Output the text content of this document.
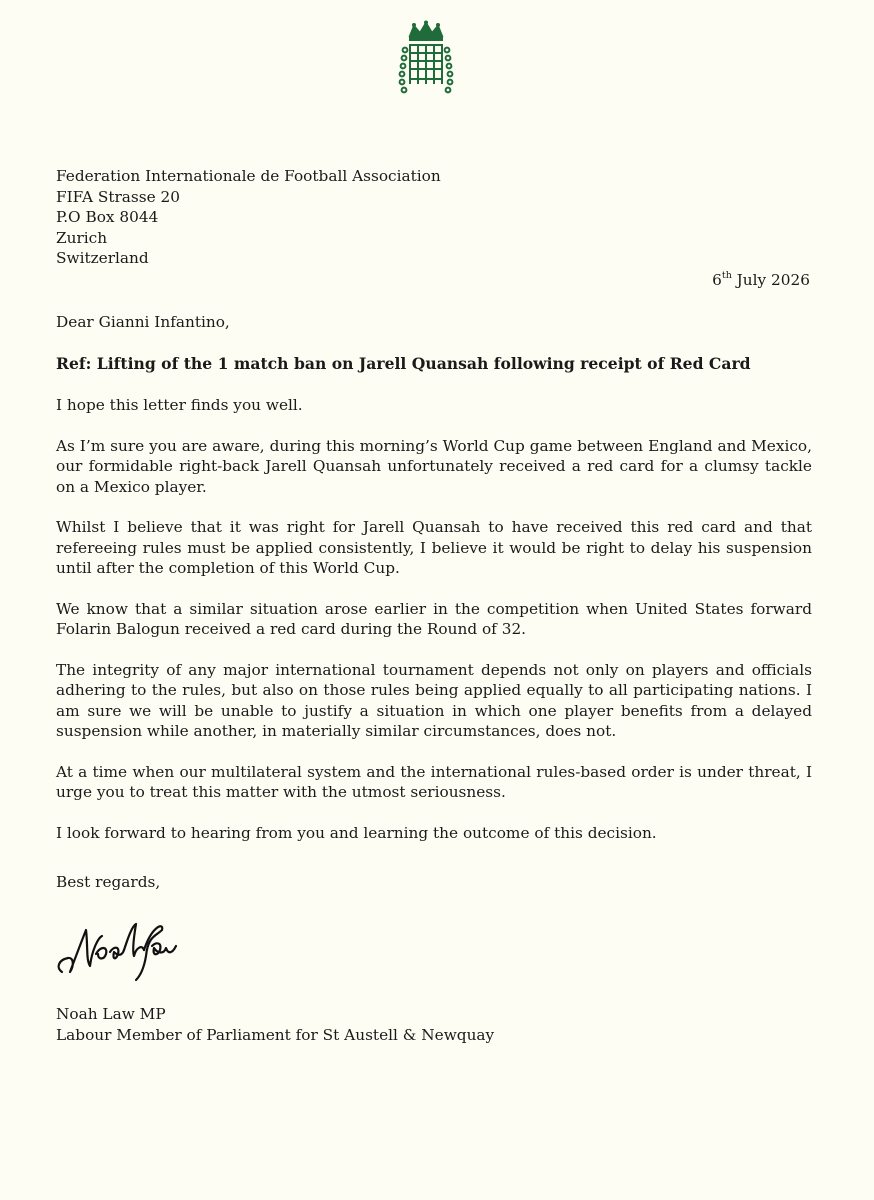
Federation Internationale de Football Association
FIFA Strasse 20
P.O Box 8044
Zurich
Switzerland
6th July 2026

Dear Gianni Infantino,

Ref: Lifting of the 1 match ban on Jarell Quansah following receipt of Red Card

I hope this letter finds you well.

As I’m sure you are aware, during this morning’s World Cup game between England and Mexico, our formidable right-back Jarell Quansah unfortunately received a red card for a clumsy tackle on a Mexico player.

Whilst I believe that it was right for Jarell Quansah to have received this red card and that refereeing rules must be applied consistently, I believe it would be right to delay his suspension until after the completion of this World Cup.

We know that a similar situation arose earlier in the competition when United States forward Folarin Balogun received a red card during the Round of 32.

The integrity of any major international tournament depends not only on players and officials adhering to the rules, but also on those rules being applied equally to all participating nations. I am sure we will be unable to justify a situation in which one player benefits from a delayed suspension while another, in materially similar circumstances, does not.

At a time when our multilateral system and the international rules-based order is under threat, I urge you to treat this matter with the utmost seriousness.

I look forward to hearing from you and learning the outcome of this decision.

Best regards,
Noah Law MP
Labour Member of Parliament for St Austell & Newquay
